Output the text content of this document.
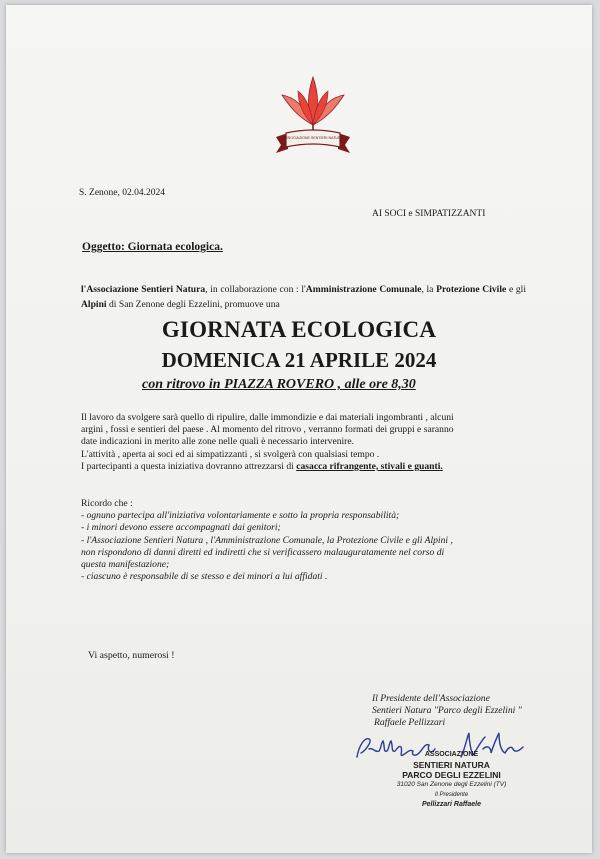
ASSOCIAZIONE SENTIERI NATURA
S. Zenone, 02.04.2024
AI SOCI e SIMPATIZZANTI
Oggetto: Giornata ecologica.
l'Associazione Sentieri Natura, in collaborazione con : l'Amministrazione Comunale, la Protezione Civile e gli Alpini di San Zenone degli Ezzelini, promuove una
GIORNATA ECOLOGICA
DOMENICA 21 APRILE 2024
con ritrovo in PIAZZA ROVERO , alle ore 8,30
Il lavoro da svolgere sarà quello di ripulire, dalle immondizie e dai materiali ingombranti , alcuni
argini , fossi e sentieri del paese . Al momento del ritrovo , verranno formati dei gruppi e saranno
date indicazioni in merito alle zone nelle quali è necessario intervenire.
L'attività , aperta ai soci ed ai simpatizzanti , si svolgerà con qualsiasi tempo .
I partecipanti a questa iniziativa dovranno attrezzarsi di casacca rifrangente, stivali e guanti.
Ricordo che :
- ognuno partecipa all'iniziativa volontariamente e sotto la propria responsabilità;
- i minori devono essere accompagnati dai genitori;
- l'Associazione Sentieri Natura , l'Amministrazione Comunale, la Protezione Civile e gli Alpini ,
non rispondono di danni diretti ed indiretti che si verificassero malauguratamente nel corso di
questa manifestazione;
- ciascuno è responsabile di se stesso e dei minori a lui affidati .
Vi aspetto, numerosi !
Il Presidente dell'Associazione
Sentieri Natura "Parco degli Ezzelini "
Raffaele Pellizzari
ASSOCIAZIONE
SENTIERI NATURA
PARCO DEGLI EZZELINI
31020 San Zenone degli Ezzelini (TV)
Il Presidente
Pellizzari Raffaele
